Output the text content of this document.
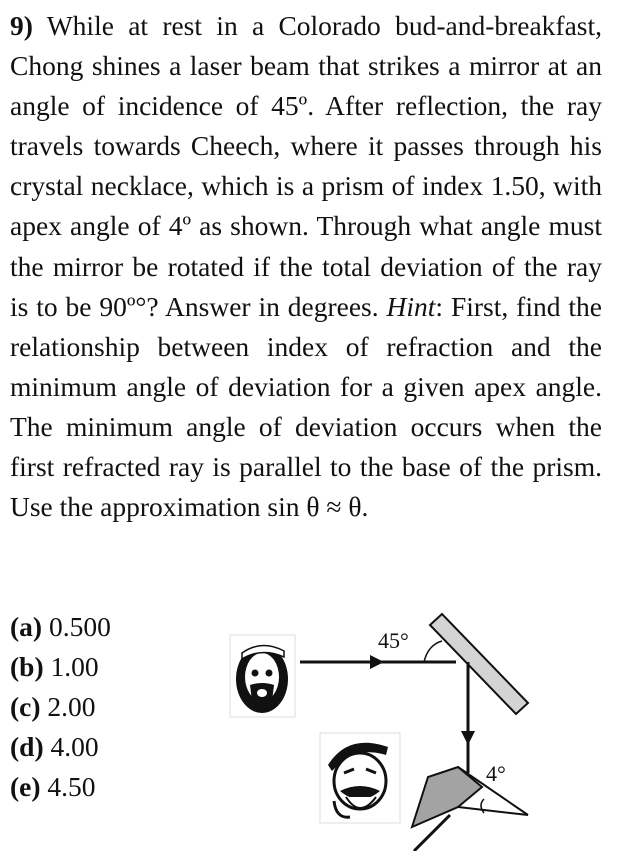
9) While at rest in a Colorado bud-and-breakfast, Chong shines a laser beam that strikes a mirror at an angle of incidence of 45º. After reflection, the ray travels towards Cheech, where it passes through his crystal necklace, which is a prism of index 1.50, with apex angle of 4º as shown. Through what angle must the mirror be rotated if the total deviation of the ray is to be 90º°? Answer in degrees. Hint: First, find the relationship between index of refraction and the minimum angle of deviation for a given apex angle. The minimum angle of deviation occurs when the first refracted ray is parallel to the base of the prism. Use the approximation sin θ ≈ θ.
(a) 0.500
(b) 1.00
(c) 2.00
(d) 4.00
(e) 4.50
45°
4°
